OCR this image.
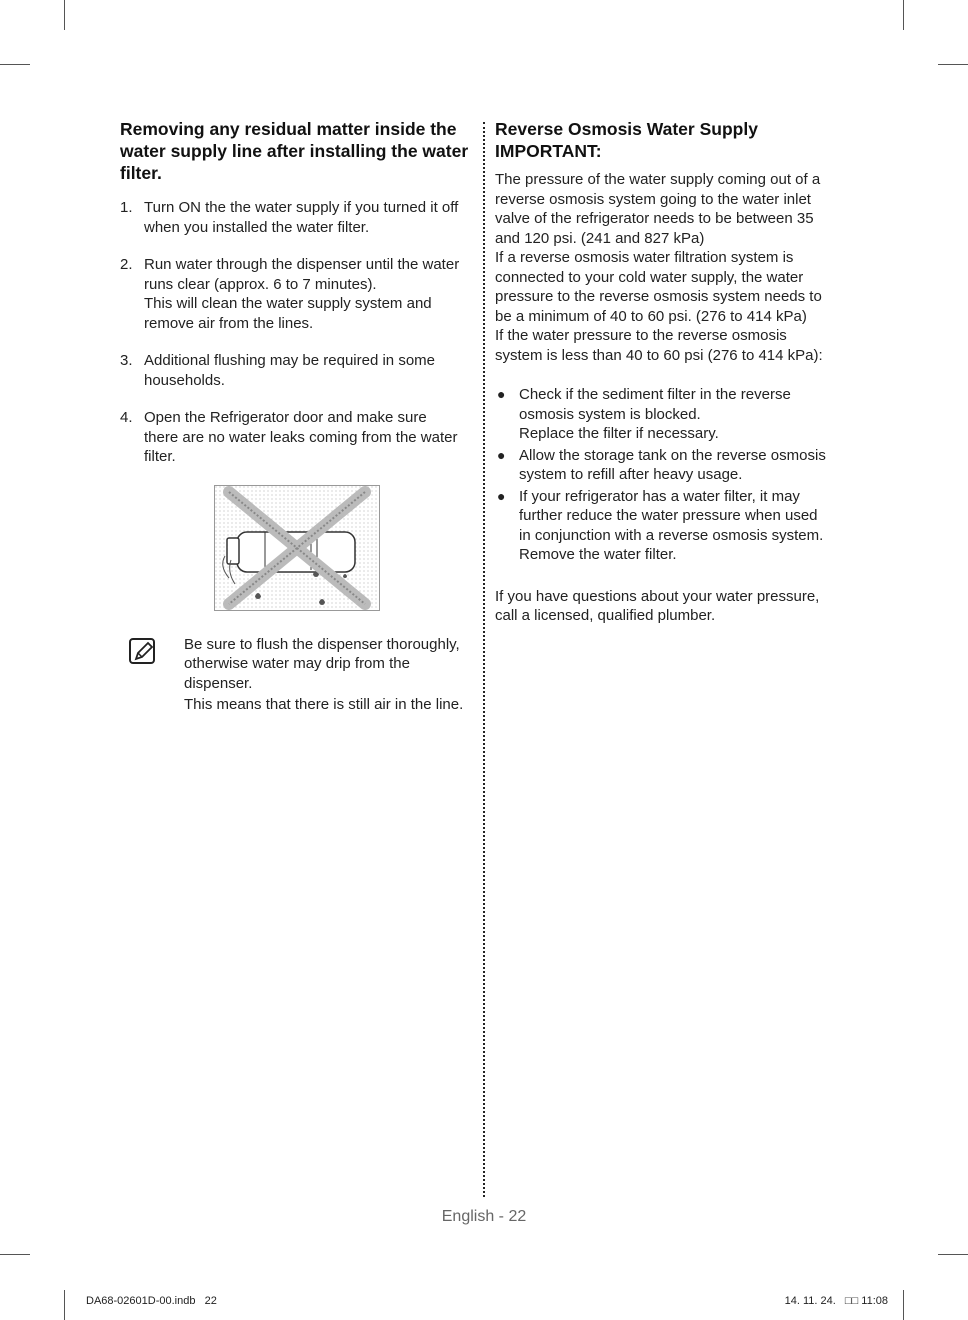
Removing any residual matter inside the water supply line after installing the water filter.
1. Turn ON the the water supply if you turned it off
when you installed the water filter.
2. Run water through the dispenser until the water
runs clear (approx. 6 to 7 minutes).
This will clean the water supply system and
remove air from the lines.
3. Additional flushing may be required in some
households.
4. Open the Refrigerator door and make sure
there are no water leaks coming from the water
filter.
Be sure to flush the dispenser thoroughly,
otherwise water may drip from the
dispenser.
This means that there is still air in the line.
Reverse Osmosis Water Supply
IMPORTANT:
The pressure of the water supply coming out of a
reverse osmosis system going to the water inlet
valve of the refrigerator needs to be between 35
and 120 psi. (241 and 827 kPa)
If a reverse osmosis water filtration system is
connected to your cold water supply, the water
pressure to the reverse osmosis system needs to
be a minimum of 40 to 60 psi. (276 to 414 kPa)
If the water pressure to the reverse osmosis
system is less than 40 to 60 psi (276 to 414 kPa):
● Check if the sediment filter in the reverse
osmosis system is blocked.
Replace the filter if necessary.
● Allow the storage tank on the reverse osmosis
system to refill after heavy usage.
● If your refrigerator has a water filter, it may
further reduce the water pressure when used
in conjunction with a reverse osmosis system.
Remove the water filter.
If you have questions about your water pressure,
call a licensed, qualified plumber.
English - 22
DA68-02601D-00.indb   22	14. 11. 24.   □□ 11:08
